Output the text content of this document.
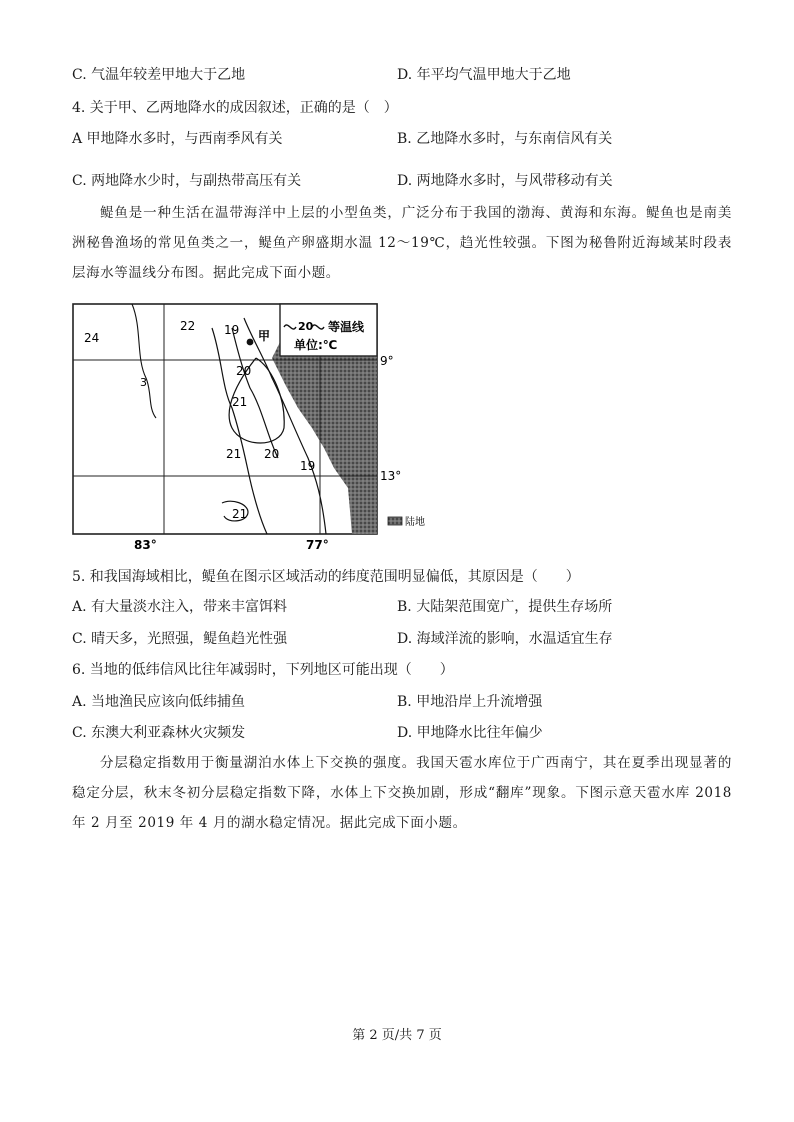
C. 气温年较差甲地大于乙地	D. 年平均气温甲地大于乙地
4. 关于甲、乙两地降水的成因叙述，正确的是（　）
A 甲地降水多时，与西南季风有关	B. 乙地降水多时，与东南信风有关
C. 两地降水少时，与副热带高压有关	D. 两地降水多时，与风带移动有关
鳀鱼是一种生活在温带海洋中上层的小型鱼类，广泛分布于我国的渤海、黄海和东海。鳀鱼也是南美洲秘鲁渔场的常见鱼类之一，鳀鱼产卵盛期水温 12～19℃，趋光性较强。下图为秘鲁附近海域某时段表层海水等温线分布图。据此完成下面小题。
20 等温线
单位:℃
甲
24
22 19
20
21
21 20
19
3
21
9°
13°
83°	77°
陆地
5. 和我国海域相比，鳀鱼在图示区域活动的纬度范围明显偏低，其原因是（　　）
A. 有大量淡水注入，带来丰富饵料	B. 大陆架范围宽广，提供生存场所
C. 晴天多，光照强，鳀鱼趋光性强	D. 海域洋流的影响，水温适宜生存
6. 当地的低纬信风比往年减弱时，下列地区可能出现（　　）
A. 当地渔民应该向低纬捕鱼	B. 甲地沿岸上升流增强
C. 东澳大利亚森林火灾频发	D. 甲地降水比往年偏少
分层稳定指数用于衡量湖泊水体上下交换的强度。我国天雹水库位于广西南宁，其在夏季出现显著的稳定分层，秋末冬初分层稳定指数下降，水体上下交换加剧，形成“翻库”现象。下图示意天雹水库 2018 年 2 月至 2019 年 4 月的湖水稳定情况。据此完成下面小题。
第 2 页/共 7 页
